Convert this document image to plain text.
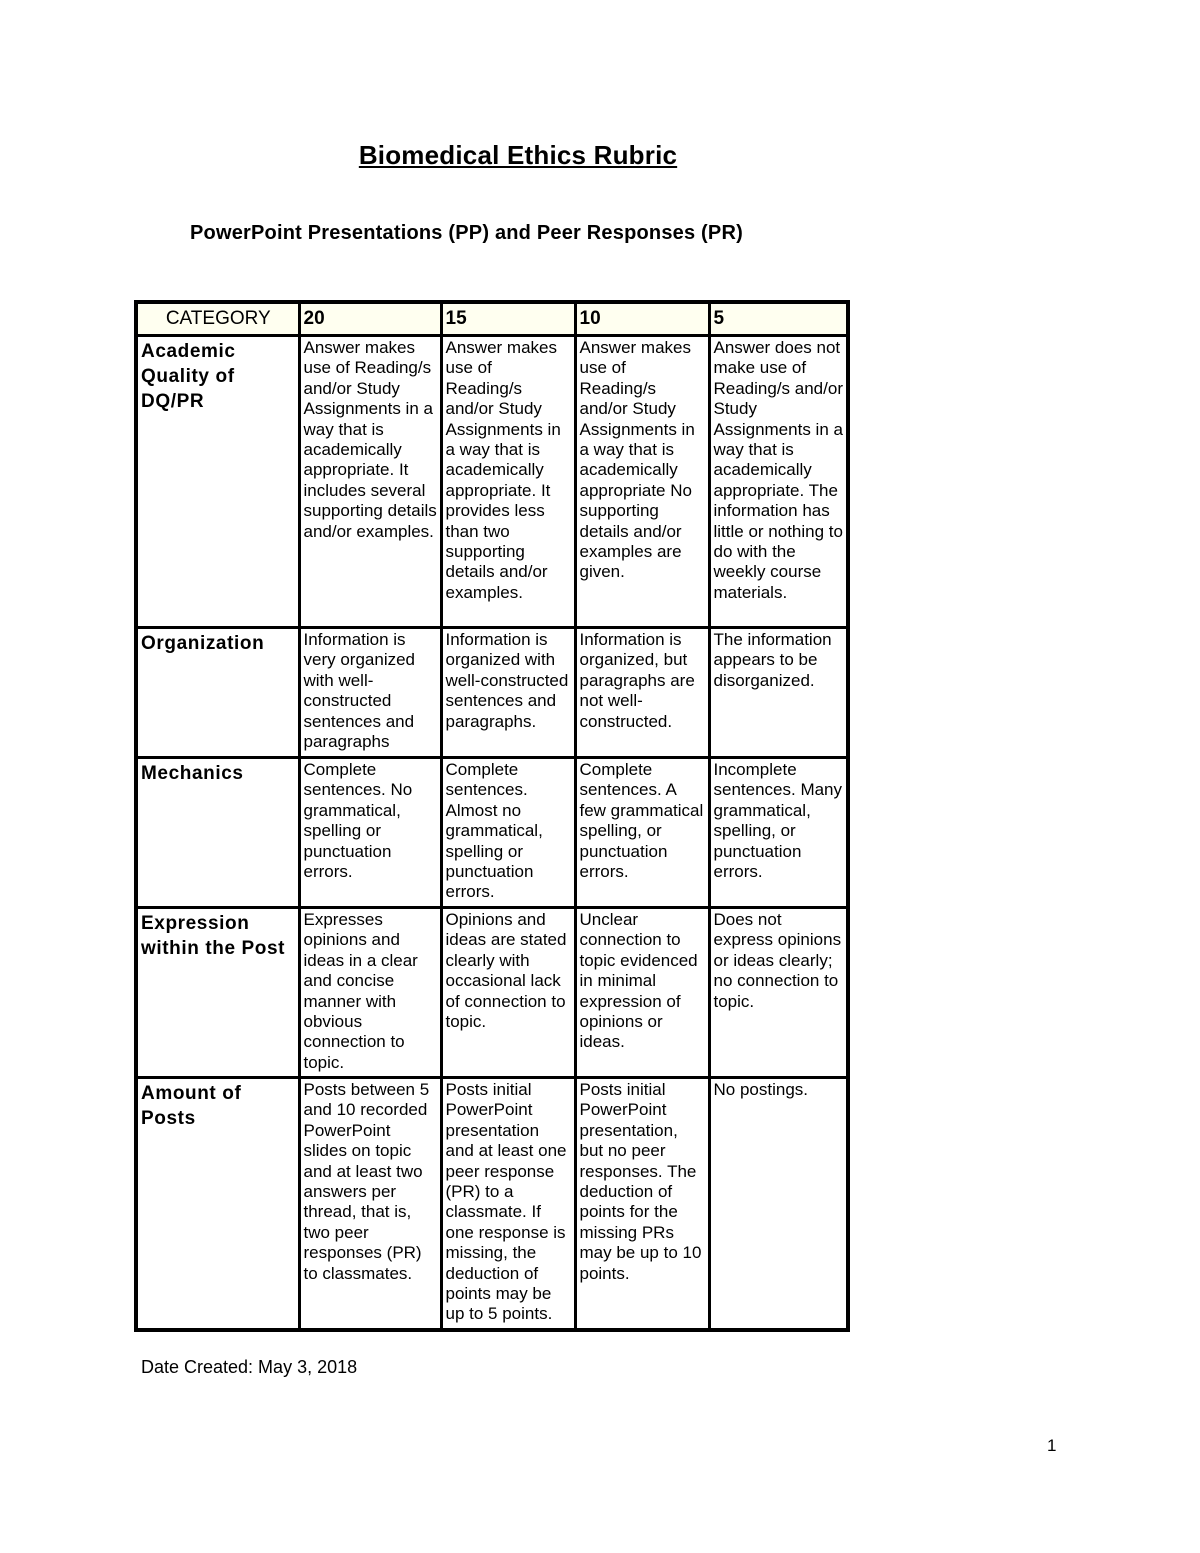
Biomedical Ethics Rubric
PowerPoint Presentations (PP) and Peer Responses (PR)
CATEGORY	20	15	10	5
Academic Quality of DQ/PR	Answer makes use of Reading/s and/or Study Assignments in a way that is academically appropriate. It includes several supporting details and/or examples.	Answer makes use of Reading/s and/or Study Assignments in a way that is academically appropriate. It provides less than two supporting details and/or examples.	Answer makes use of Reading/s and/or Study Assignments in a way that is academically appropriate No supporting details and/or examples are given.	Answer does not make use of Reading/s and/or Study Assignments in a way that is academically appropriate. The information has little or nothing to do with the weekly course materials.
Organization	Information is very organized with well-constructed sentences and paragraphs	Information is organized with well-constructed sentences and paragraphs.	Information is organized, but paragraphs are not well-constructed.	The information appears to be disorganized.
Mechanics	Complete sentences. No grammatical, spelling or punctuation errors.	Complete sentences. Almost no grammatical, spelling or punctuation errors.	Complete sentences. A few grammatical spelling, or punctuation errors.	Incomplete sentences. Many grammatical, spelling, or punctuation errors.
Expression within the Post	Expresses opinions and ideas in a clear and concise manner with obvious connection to topic.	Opinions and ideas are stated clearly with occasional lack of connection to topic.	Unclear connection to topic evidenced in minimal expression of opinions or ideas.	Does not express opinions or ideas clearly; no connection to topic.
Amount of Posts	Posts between 5 and 10 recorded PowerPoint slides on topic and at least two answers per thread, that is, two peer responses (PR) to classmates.	Posts initial PowerPoint presentation and at least one peer response (PR) to a classmate. If one response is missing, the deduction of points may be up to 5 points.	Posts initial PowerPoint presentation, but no peer responses. The deduction of points for the missing PRs may be up to 10 points.	No postings.
Date Created: May 3, 2018
1
